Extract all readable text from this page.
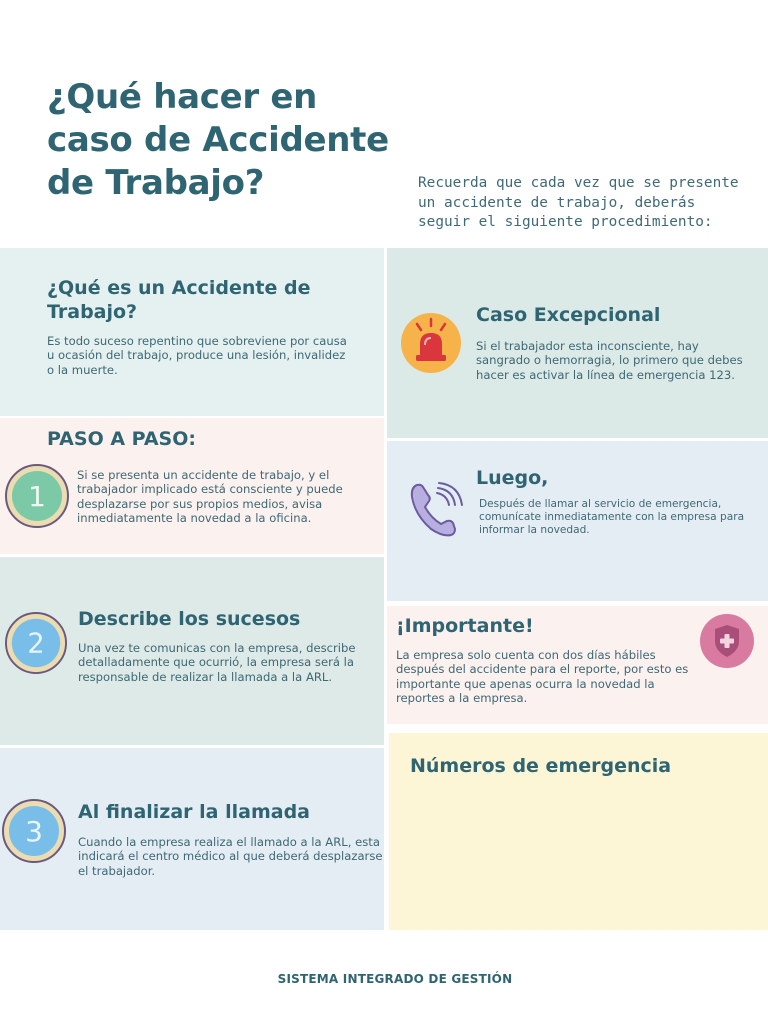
¿Qué hacer en caso de Accidente de Trabajo?	Recuerda que cada vez que se presente un accidente de trabajo, deberás seguir el siguiente procedimiento:
¿Qué es un Accidente de Trabajo?
Es todo suceso repentino que sobreviene por causa u ocasión del trabajo, produce una lesión, invalidez o la muerte.
PASO A PASO:
1
Si se presenta un accidente de trabajo, y el trabajador implicado está consciente y puede desplazarse por sus propios medios, avisa inmediatamente la novedad a la oficina.
2
Describe los sucesos
Una vez te comunicas con la empresa, describe detalladamente que ocurrió, la empresa será la responsable de realizar la llamada a la ARL.
3
Al finalizar la llamada
Cuando la empresa realiza el llamado a la ARL, esta indicará el centro médico al que deberá desplazarse el trabajador.
Caso Excepcional
Si el trabajador esta inconsciente, hay sangrado o hemorragia, lo primero que debes hacer es activar la línea de emergencia 123.
Luego,
Después de llamar al servicio de emergencia, comunícate inmediatamente con la empresa para informar la novedad.
¡Importante!
La empresa solo cuenta con dos días hábiles después del accidente para el reporte, por esto es importante que apenas ocurra la novedad la reportes a la empresa.
Números de emergencia
SISTEMA INTEGRADO DE GESTIÓN
